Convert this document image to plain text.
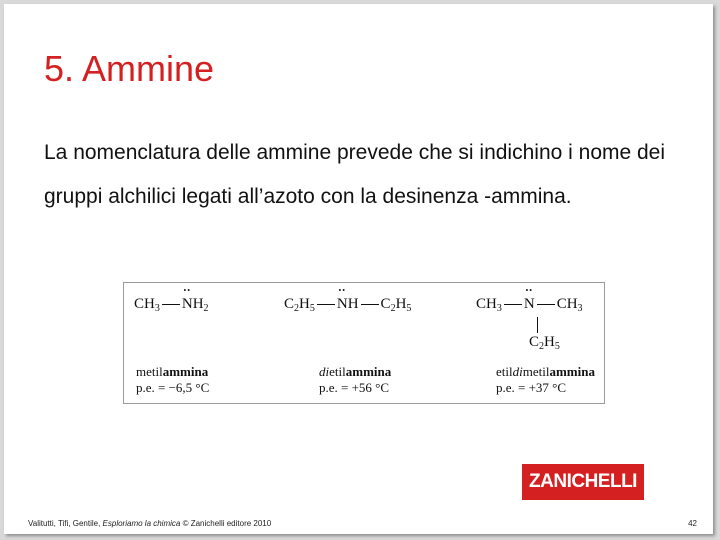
5. Ammine

La nomenclatura delle ammine prevede che si indichino i nome dei gruppi alchilici legati all’azoto con la desinenza -ammina.

$CH_3••$ $NH_2$
metilammina
p.e. = −6,5 °C
$C_2H_5••$ NH $C_2H_5$
dietilammina
p.e. = +56 °C
$CH_3••$ N $CH_3$
$C_2H_5$
etildimetilammina
p.e. = +37 °C
ZANICHELLI
Valitutti, Tifi, Gentile, Esploriamo la chimica © Zanichelli editore 2010	42
